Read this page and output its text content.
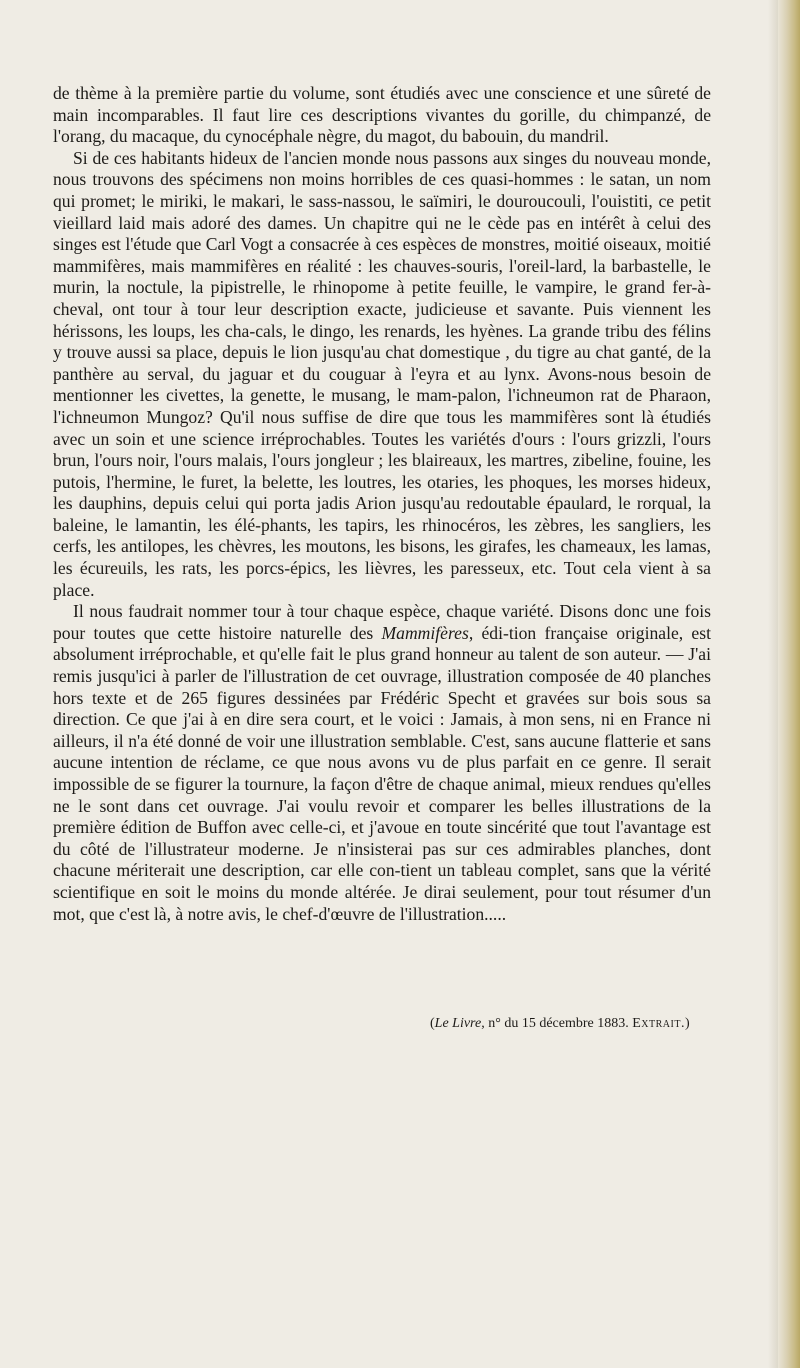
de thème à la première partie du volume, sont étudiés avec une conscience et une sûreté de main incomparables. Il faut lire ces descriptions vivantes du gorille, du chimpanzé, de l'orang, du macaque, du cynocéphale nègre, du magot, du babouin, du mandril.

Si de ces habitants hideux de l'ancien monde nous passons aux singes du nouveau monde, nous trouvons des spécimens non moins horribles de ces quasi-hommes : le satan, un nom qui promet; le miriki, le makari, le sass-nassou, le saïmiri, le douroucouli, l'ouistiti, ce petit vieillard laid mais adoré des dames. Un chapitre qui ne le cède pas en intérêt à celui des singes est l'étude que Carl Vogt a consacrée à ces espèces de monstres, moitié oiseaux, moitié mammifères, mais mammifères en réalité : les chauves-souris, l'oreil-lard, la barbastelle, le murin, la noctule, la pipistrelle, le rhinopome à petite feuille, le vampire, le grand fer-à-cheval, ont tour à tour leur description exacte, judicieuse et savante. Puis viennent les hérissons, les loups, les cha-cals, le dingo, les renards, les hyènes. La grande tribu des félins y trouve aussi sa place, depuis le lion jusqu'au chat domestique , du tigre au chat ganté, de la panthère au serval, du jaguar et du couguar à l'eyra et au lynx. Avons-nous besoin de mentionner les civettes, la genette, le musang, le mam-palon, l'ichneumon rat de Pharaon, l'ichneumon Mungoz? Qu'il nous suffise de dire que tous les mammifères sont là étudiés avec un soin et une science irréprochables. Toutes les variétés d'ours : l'ours grizzli, l'ours brun, l'ours noir, l'ours malais, l'ours jongleur ; les blaireaux, les martres, zibeline, fouine, les putois, l'hermine, le furet, la belette, les loutres, les otaries, les phoques, les morses hideux, les dauphins, depuis celui qui porta jadis Arion jusqu'au redoutable épaulard, le rorqual, la baleine, le lamantin, les élé-phants, les tapirs, les rhinocéros, les zèbres, les sangliers, les cerfs, les antilopes, les chèvres, les moutons, les bisons, les girafes, les chameaux, les lamas, les écureuils, les rats, les porcs-épics, les lièvres, les paresseux, etc. Tout cela vient à sa place.

Il nous faudrait nommer tour à tour chaque espèce, chaque variété. Disons donc une fois pour toutes que cette histoire naturelle des Mammifères, édi-tion française originale, est absolument irréprochable, et qu'elle fait le plus grand honneur au talent de son auteur. — J'ai remis jusqu'ici à parler de l'illustration de cet ouvrage, illustration composée de 40 planches hors texte et de 265 figures dessinées par Frédéric Specht et gravées sur bois sous sa direction. Ce que j'ai à en dire sera court, et le voici : Jamais, à mon sens, ni en France ni ailleurs, il n'a été donné de voir une illustration semblable. C'est, sans aucune flatterie et sans aucune intention de réclame, ce que nous avons vu de plus parfait en ce genre. Il serait impossible de se figurer la tournure, la façon d'être de chaque animal, mieux rendues qu'elles ne le sont dans cet ouvrage. J'ai voulu revoir et comparer les belles illustrations de la première édition de Buffon avec celle-ci, et j'avoue en toute sincérité que tout l'avantage est du côté de l'illustrateur moderne. Je n'insisterai pas sur ces admirables planches, dont chacune mériterait une description, car elle con-tient un tableau complet, sans que la vérité scientifique en soit le moins du monde altérée. Je dirai seulement, pour tout résumer d'un mot, que c'est là, à notre avis, le chef-d'œuvre de l'illustration.....

(Le Livre, n° du 15 décembre 1883. Extrait.)
